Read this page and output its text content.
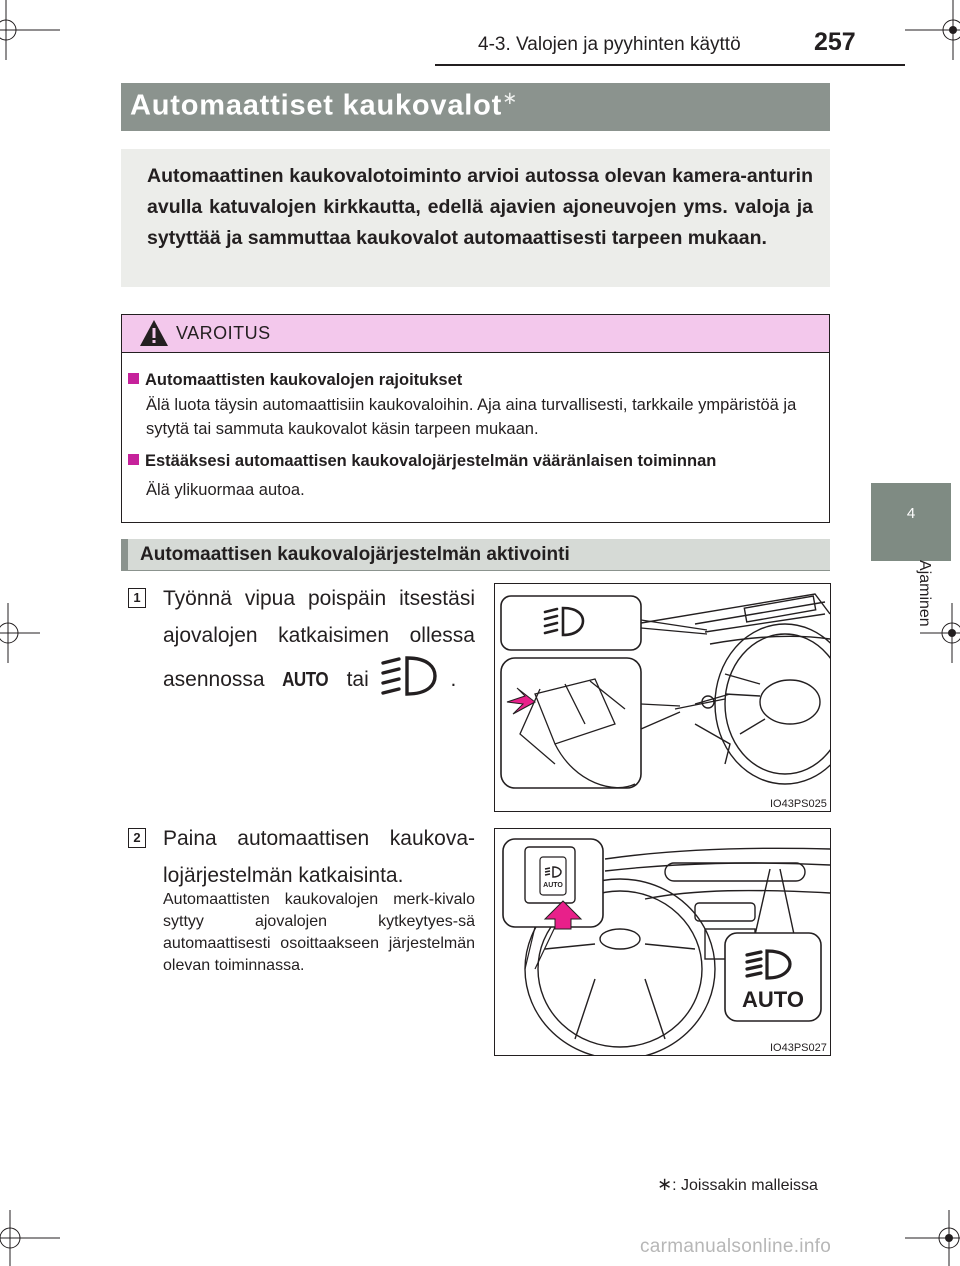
4-3. Valojen ja pyyhinten käyttö	257
4
Ajaminen
Automaattiset kaukovalot∗
Automaattinen kaukovalotoiminto arvioi autossa olevan kamera-anturin avulla katuvalojen kirkkautta, edellä ajavien ajoneuvojen yms. valoja ja sytyttää ja sammuttaa kaukovalot automaattisesti tarpeen mukaan.
VAROITUS
Automaattisten kaukovalojen rajoitukset
Älä luota täysin automaattisiin kaukovaloihin. Aja aina turvallisesti, tarkkaile ympäristöä ja sytytä tai sammuta kaukovalot käsin tarpeen mukaan.
Estääksesi automaattisen kaukovalojärjestelmän vääränlaisen toiminnan
Älä ylikuormaa autoa.
Automaattisen kaukovalojärjestelmän aktivointi
1 Työnnä vipua poispäin itsestäsi ajovalojen katkaisimen ollessa asennossa AUTO tai	.
IO43PS025
2 Paina automaattisen kaukova-lojärjestelmän katkaisinta.
Automaattisten kaukovalojen merk-kivalo syttyy ajovalojen kytkeytyes-sä automaattisesti osoittaakseen järjestelmän olevan toiminnassa.
AUTO
AUTO
IO43PS027
∗: Joissakin malleissa
carmanualsonline.info
